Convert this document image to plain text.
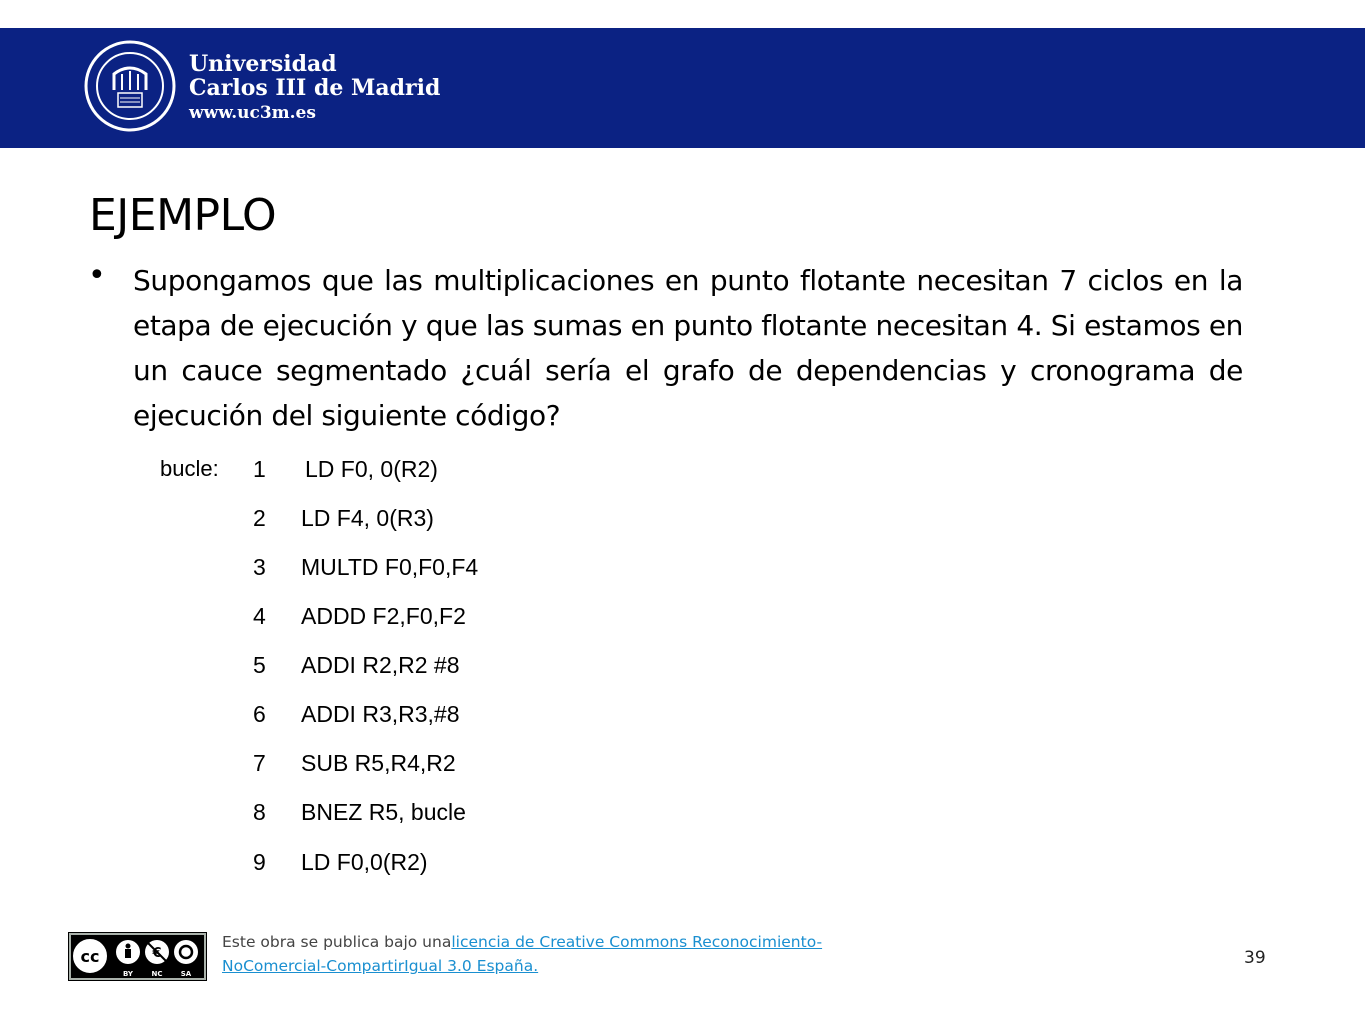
Universidad
Carlos III de Madrid
www.uc3m.es
EJEMPLO
• Supongamos que las multiplicaciones en punto flotante necesitan 7 ciclos en la etapa de ejecución y que las sumas en punto flotante necesitan 4. Si estamos en un cauce segmentado ¿cuál sería el grafo de dependencias y cronograma de ejecución del siguiente código?
bucle: 1	LD F0, 0(R2)
2	LD F4, 0(R3)
3	MULTD F0,F0,F4
4	ADDD F2,F0,F2
5	ADDI R2,R2 #8
6	ADDI R3,R3,#8
7	SUB R5,R4,R2
8	BNEZ R5, bucle
9	LD F0,0(R2)
cc	€
BY	NC	SA
Este obra se publica bajo unalicencia de Creative Commons Reconocimiento-
NoComercial-CompartirIgual 3.0 España.	39
